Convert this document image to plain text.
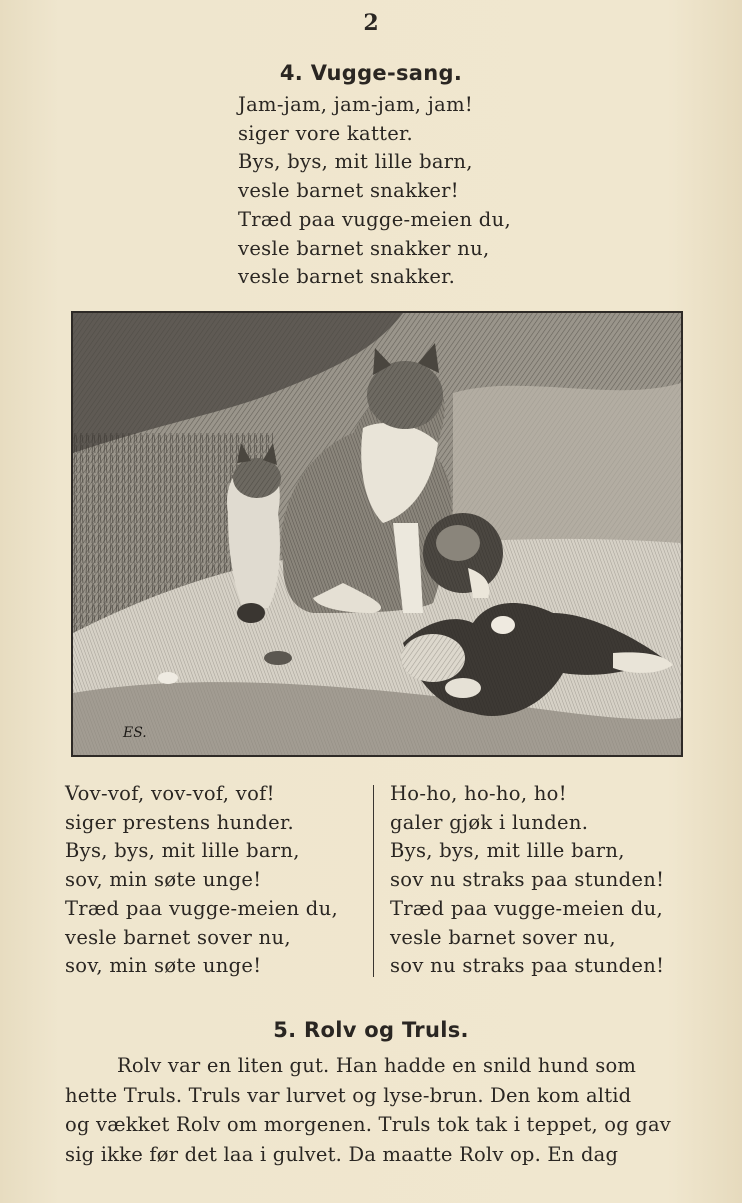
2
4. Vugge-sang.
Jam-jam, jam-jam, jam!
siger vore katter.
Bys, bys, mit lille barn,
vesle barnet snakker!
Træd paa vugge-meien du,
vesle barnet snakker nu,
vesle barnet snakker.
ES.
Vov-vof, vov-vof, vof!
siger prestens hunder.
Bys, bys, mit lille barn,
sov, min søte unge!
Træd paa vugge-meien du,
vesle barnet sover nu,
sov, min søte unge!
Ho-ho, ho-ho, ho!
galer gjøk i lunden.
Bys, bys, mit lille barn,
sov nu straks paa stunden!
Træd paa vugge-meien du,
vesle barnet sover nu,
sov nu straks paa stunden!
5. Rolv og Truls.
Rolv var en liten gut. Han hadde en snild hund som
hette Truls. Truls var lurvet og lyse-brun. Den kom altid
og vækket Rolv om morgenen. Truls tok tak i teppet, og gav
sig ikke før det laa i gulvet. Da maatte Rolv op. En dag
